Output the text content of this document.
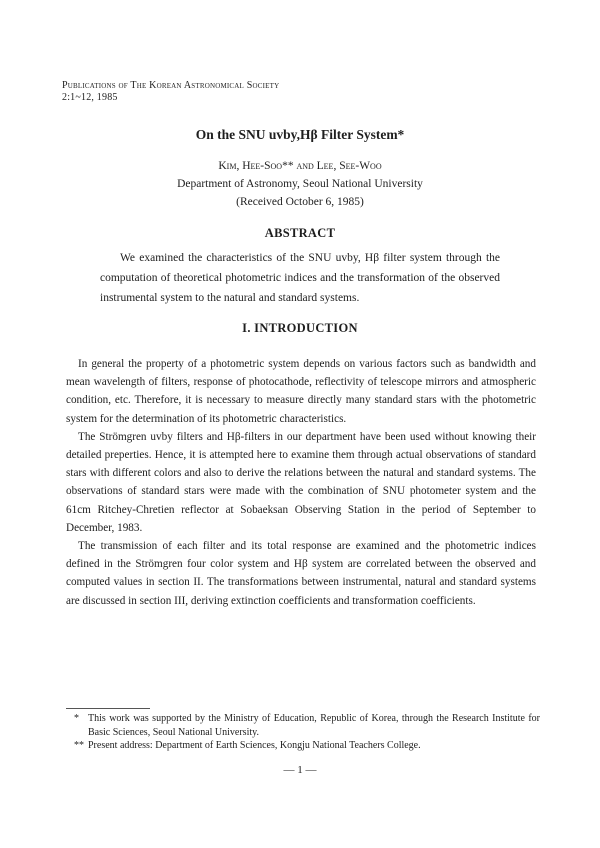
Publications of The Korean Astronomical Society
2:1~12, 1985
On the SNU uvby,Hβ Filter System*
Kim, Hee-Soo** and Lee, See-Woo
Department of Astronomy, Seoul National University
(Received October 6, 1985)
ABSTRACT

We examined the characteristics of the SNU uvby, Hβ filter system through the computation of theoretical photometric indices and the transformation of the observed instrumental system to the natural and standard systems.

I. INTRODUCTION

In general the property of a photometric system depends on various factors such as bandwidth and mean wavelength of filters, response of photocathode, reflectivity of telescope mirrors and atmospheric condition, etc. Therefore, it is necessary to measure directly many standard stars with the photometric system for the determination of its photometric characteristics.

The Strömgren uvby filters and Hβ-filters in our department have been used without knowing their detailed preperties. Hence, it is attempted here to examine them through actual observations of standard stars with different colors and also to derive the relations between the natural and standard systems. The observations of standard stars were made with the combination of SNU photometer system and the 61cm Ritchey-Chretien reflector at Sobaeksan Observing Station in the period of September to December, 1983.

The transmission of each filter and its total response are examined and the photometric indices defined in the Strömgren four color system and Hβ system are correlated between the observed and computed values in section II. The transformations between instrumental, natural and standard systems are discussed in section III, deriving extinction coefficients and transformation coefficients.

* This work was supported by the Ministry of Education, Republic of Korea, through the Research Institute for Basic Sciences, Seoul National University.
** Present address: Department of Earth Sciences, Kongju National Teachers College.
— 1 —
